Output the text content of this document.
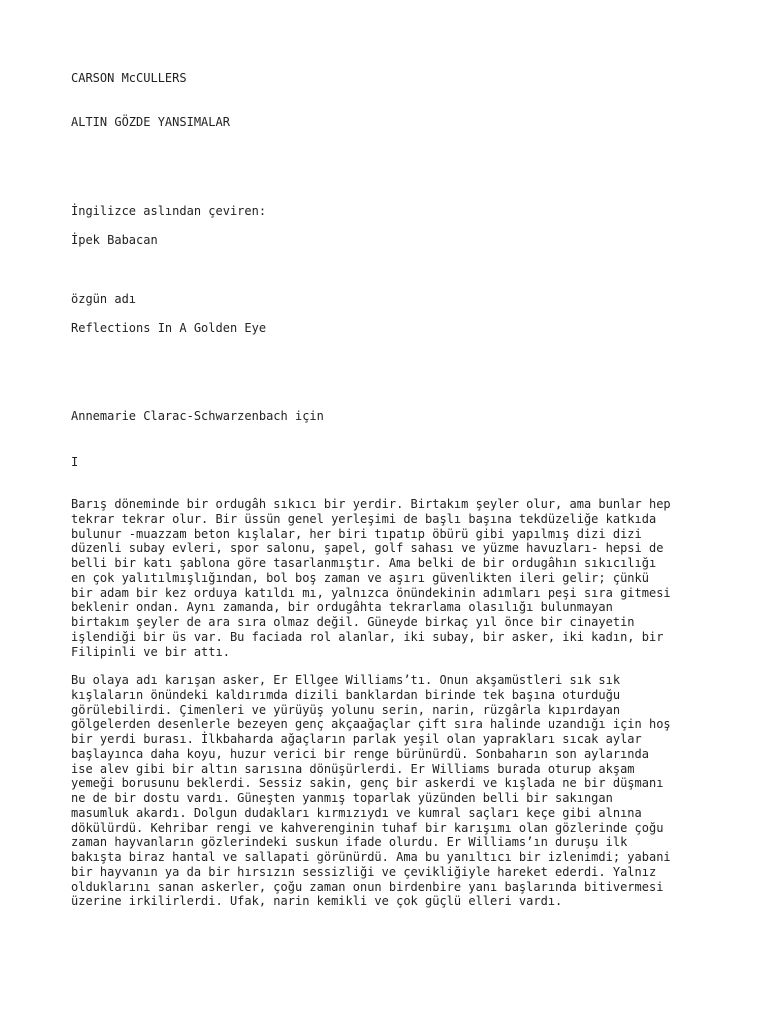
CARSON McCULLERS
ALTIN GÖZDE YANSIMALAR
İngilizce aslından çeviren:
İpek Babacan
özgün adı
Reflections In A Golden Eye
Annemarie Clarac-Schwarzenbach için
I
Barış döneminde bir ordugâh sıkıcı bir yerdir. Birtakım şeyler olur, ama bunlar hep
tekrar tekrar olur. Bir üssün genel yerleşimi de başlı başına tekdüzeliğe katkıda
bulunur -muazzam beton kışlalar, her biri tıpatıp öbürü gibi yapılmış dizi dizi
düzenli subay evleri, spor salonu, şapel, golf sahası ve yüzme havuzları- hepsi de
belli bir katı şablona göre tasarlanmıştır. Ama belki de bir ordugâhın sıkıcılığı
en çok yalıtılmışlığından, bol boş zaman ve aşırı güvenlikten ileri gelir; çünkü
bir adam bir kez orduya katıldı mı, yalnızca önündekinin adımları peşi sıra gitmesi
beklenir ondan. Aynı zamanda, bir ordugâhta tekrarlama olasılığı bulunmayan
birtakım şeyler de ara sıra olmaz değil. Güneyde birkaç yıl önce bir cinayetin
işlendiği bir üs var. Bu faciada rol alanlar, iki subay, bir asker, iki kadın, bir
Filipinli ve bir attı.
Bu olaya adı karışan asker, Er Ellgee Williams’tı. Onun akşamüstleri sık sık
kışlaların önündeki kaldırımda dizili banklardan birinde tek başına oturduğu
görülebilirdi. Çimenleri ve yürüyüş yolunu serin, narin, rüzgârla kıpırdayan
gölgelerden desenlerle bezeyen genç akçaağaçlar çift sıra halinde uzandığı için hoş
bir yerdi burası. İlkbaharda ağaçların parlak yeşil olan yaprakları sıcak aylar
başlayınca daha koyu, huzur verici bir renge bürünürdü. Sonbaharın son aylarında
ise alev gibi bir altın sarısına dönüşürlerdi. Er Williams burada oturup akşam
yemeği borusunu beklerdi. Sessiz sakin, genç bir askerdi ve kışlada ne bir düşmanı
ne de bir dostu vardı. Güneşten yanmış toparlak yüzünden belli bir sakıngan
masumluk akardı. Dolgun dudakları kırmızıydı ve kumral saçları keçe gibi alnına
dökülürdü. Kehribar rengi ve kahverenginin tuhaf bir karışımı olan gözlerinde çoğu
zaman hayvanların gözlerindeki suskun ifade olurdu. Er Williams’ın duruşu ilk
bakışta biraz hantal ve sallapati görünürdü. Ama bu yanıltıcı bir izlenimdi; yabani
bir hayvanın ya da bir hırsızın sessizliği ve çevikliğiyle hareket ederdi. Yalnız
olduklarını sanan askerler, çoğu zaman onun birdenbire yanı başlarında bitivermesi
üzerine irkilirlerdi. Ufak, narin kemikli ve çok güçlü elleri vardı.
